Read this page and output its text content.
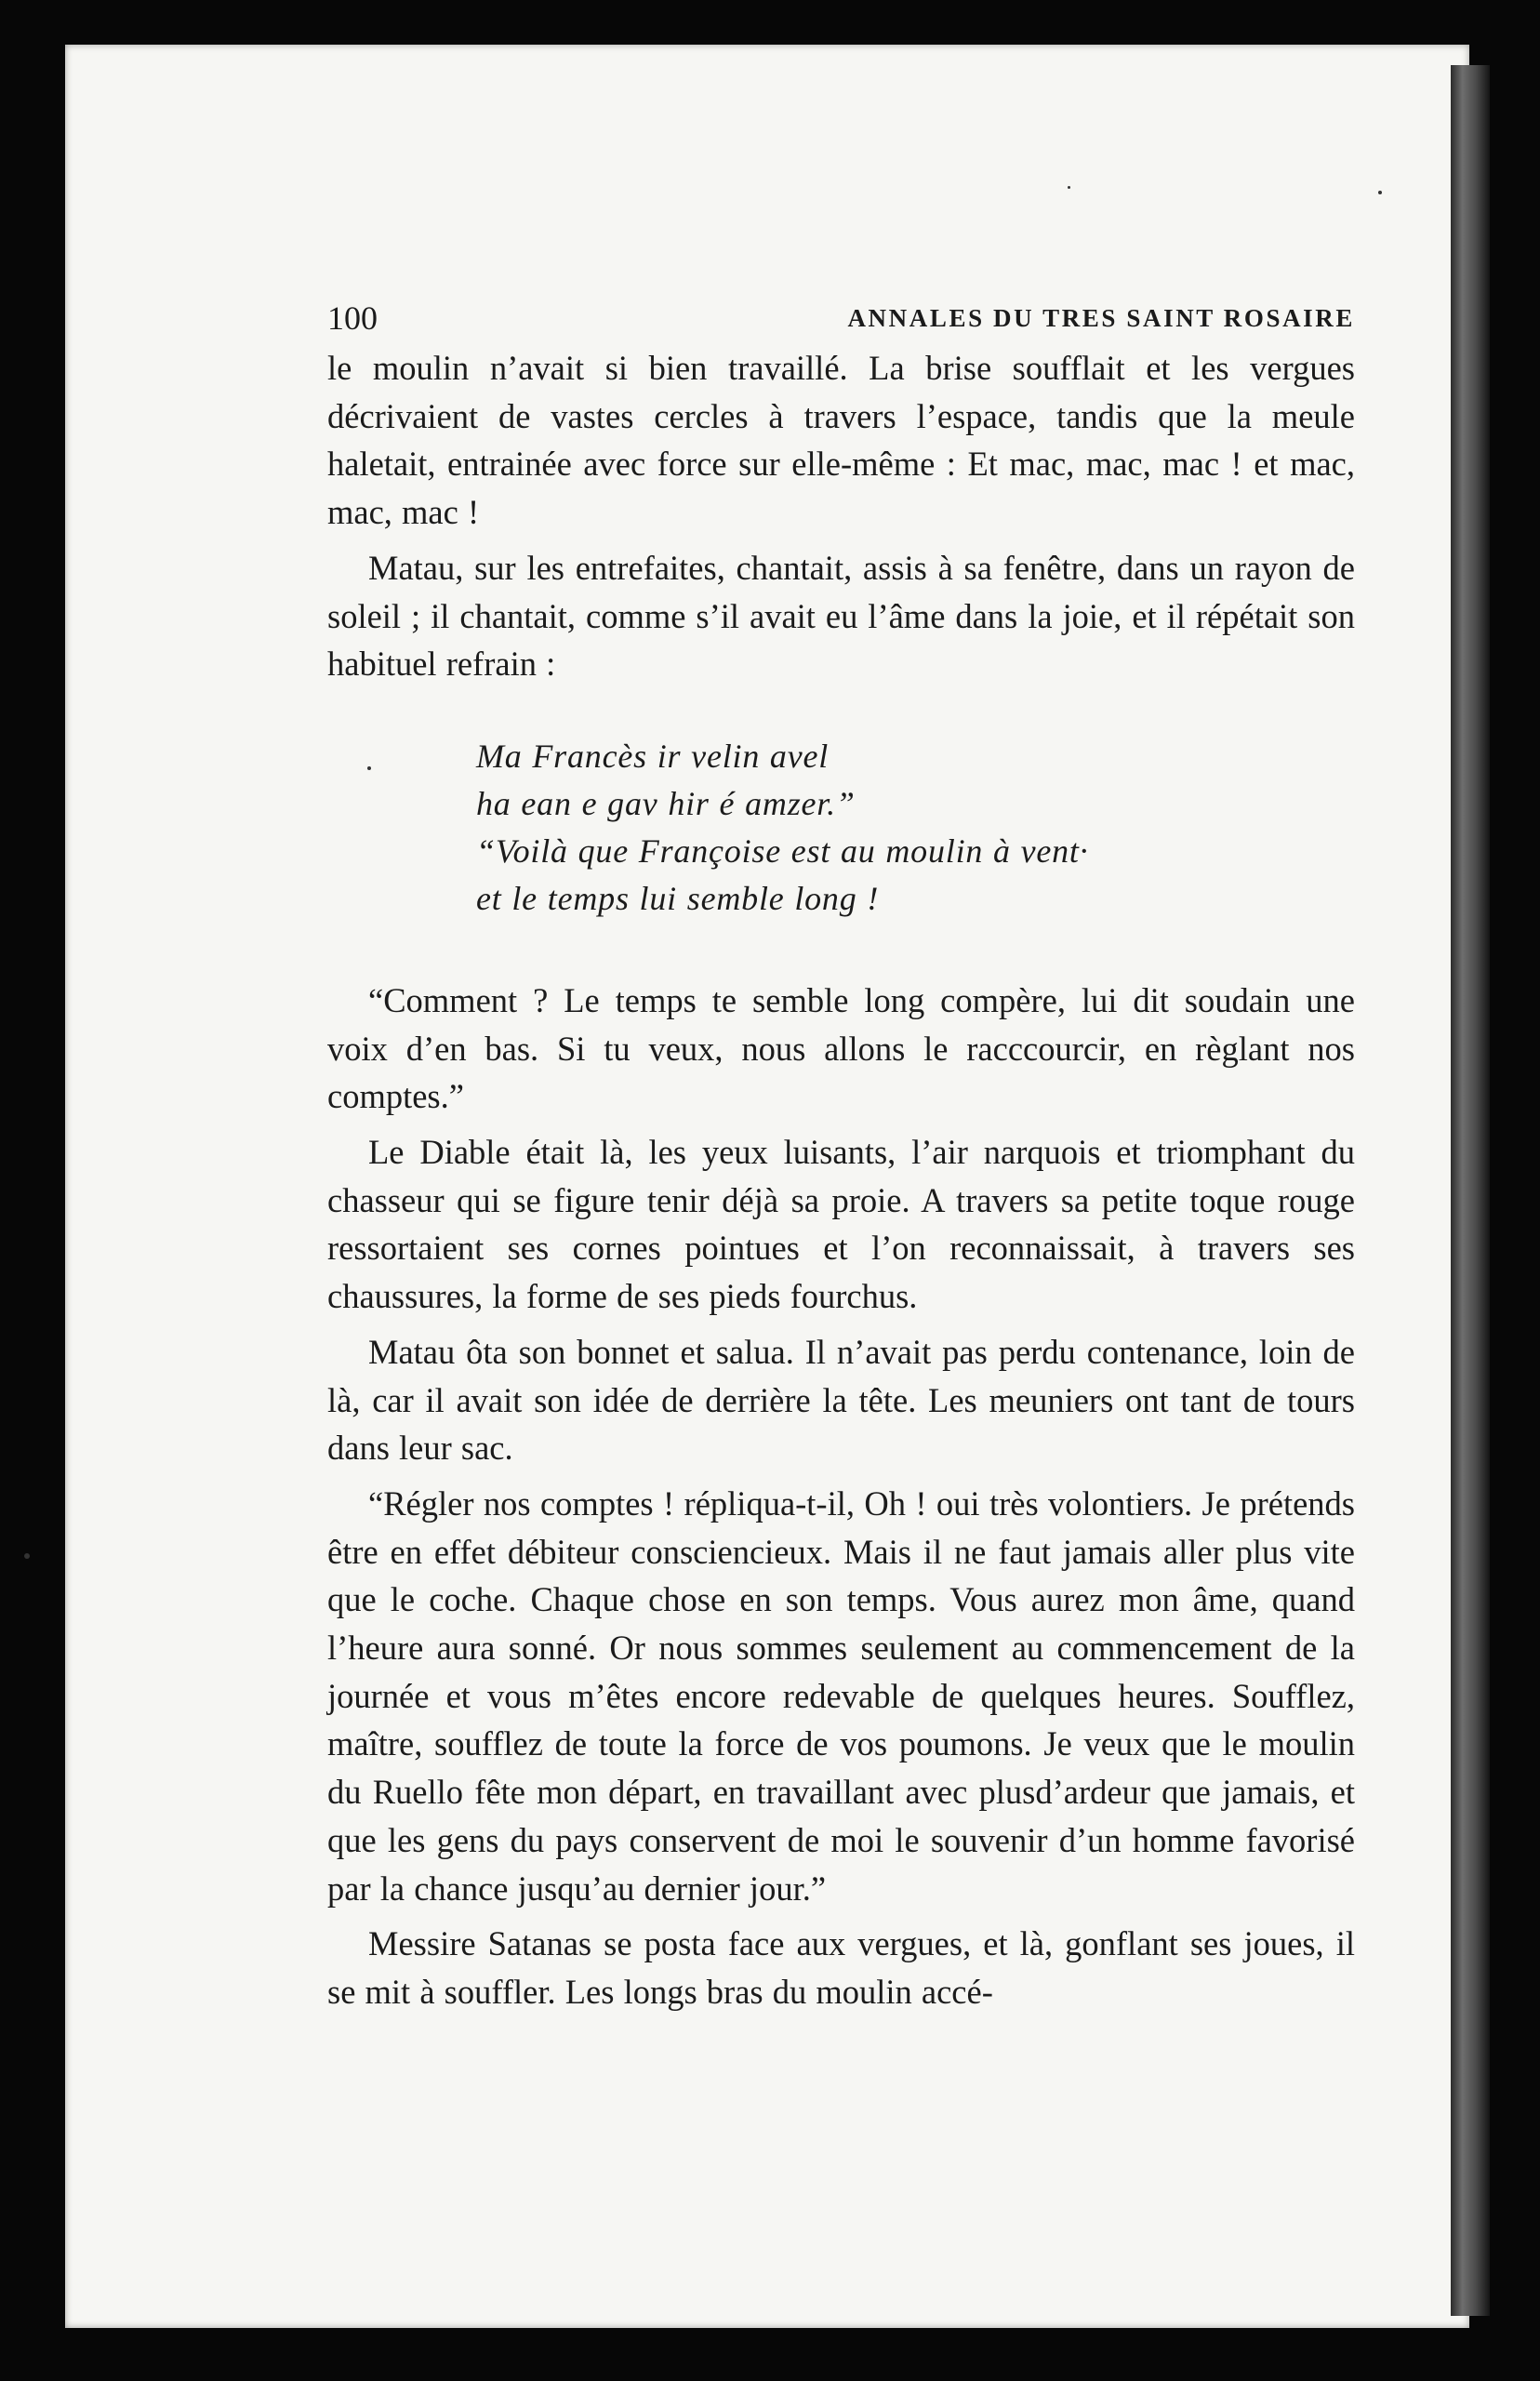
100	ANNALES DU TRES SAINT ROSAIRE

le moulin n’avait si bien travaillé. La brise soufflait et les vergues décrivaient de vastes cercles à travers l’espace, tandis que la meule haletait, entrainée avec force sur elle-même : Et mac, mac, mac ! et mac, mac, mac !

Matau, sur les entrefaites, chantait, assis à sa fenêtre, dans un rayon de soleil ; il chantait, comme s’il avait eu l’âme dans la joie, et il répétait son habituel refrain :

Ma Francès ir velin avel
ha ean e gav hir é amzer.”
“Voilà que Françoise est au moulin à vent·
et le temps lui semble long !

“Comment ? Le temps te semble long compère, lui dit soudain une voix d’en bas. Si tu veux, nous allons le racccourcir, en règlant nos comptes.”

Le Diable était là, les yeux luisants, l’air narquois et triomphant du chasseur qui se figure tenir déjà sa proie. A travers sa petite toque rouge ressortaient ses cornes pointues et l’on reconnaissait, à travers ses chaussures, la forme de ses pieds fourchus.

Matau ôta son bonnet et salua. Il n’avait pas perdu contenance, loin de là, car il avait son idée de derrière la tête. Les meuniers ont tant de tours dans leur sac.

“Régler nos comptes ! répliqua-t-il, Oh ! oui très volontiers. Je prétends être en effet débiteur consciencieux. Mais il ne faut jamais aller plus vite que le coche. Chaque chose en son temps. Vous aurez mon âme, quand l’heure aura sonné. Or nous sommes seulement au commencement de la journée et vous m’êtes encore redevable de quelques heures. Soufflez, maître, soufflez de toute la force de vos poumons. Je veux que le moulin du Ruello fête mon départ, en travaillant avec plusd’ardeur que jamais, et que les gens du pays conservent de moi le souvenir d’un homme favorisé par la chance jusqu’au dernier jour.”

Messire Satanas se posta face aux vergues, et là, gonflant ses joues, il se mit à souffler. Les longs bras du moulin accé-
